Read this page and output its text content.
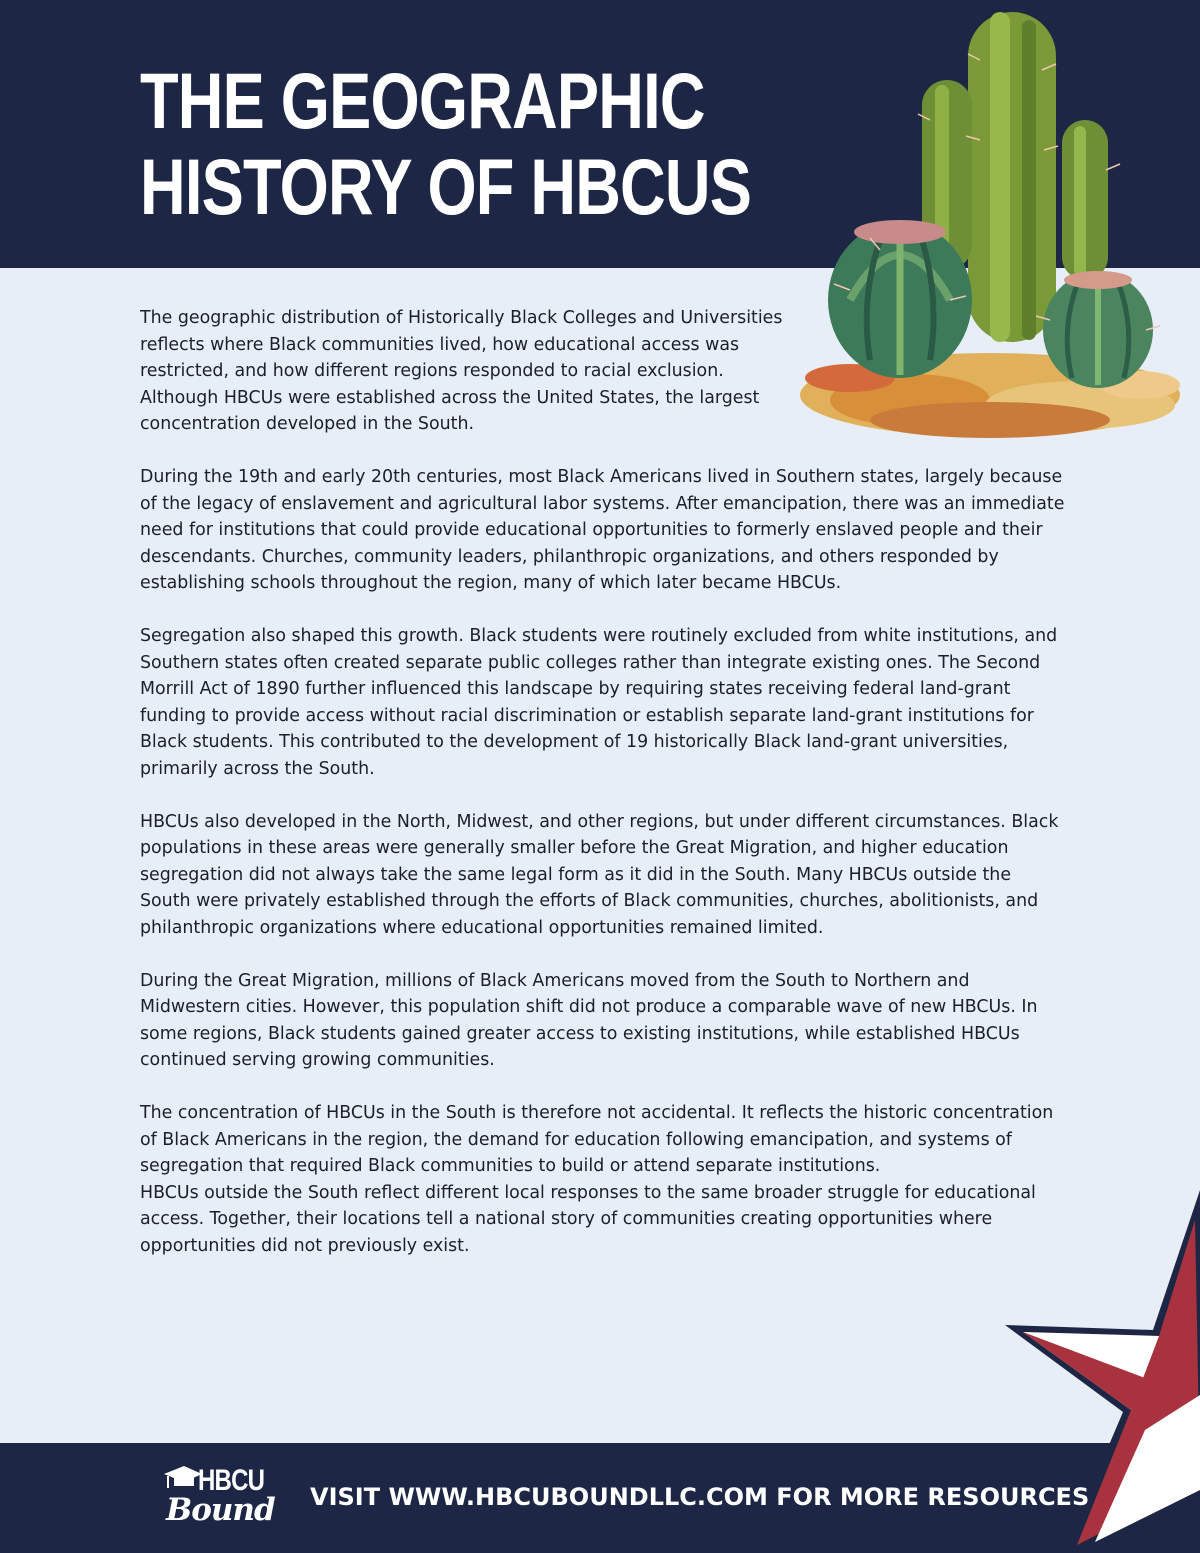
THE GEOGRAPHIC
HISTORY OF HBCUS

The geographic distribution of Historically Black Colleges and Universities reflects where Black communities lived, how educational access was restricted, and how different regions responded to racial exclusion. Although HBCUs were established across the United States, the largest concentration developed in the South.

During the 19th and early 20th centuries, most Black Americans lived in Southern states, largely because of the legacy of enslavement and agricultural labor systems. After emancipation, there was an immediate need for institutions that could provide educational opportunities to formerly enslaved people and their descendants. Churches, community leaders, philanthropic organizations, and others responded by establishing schools throughout the region, many of which later became HBCUs.

Segregation also shaped this growth. Black students were routinely excluded from white institutions, and Southern states often created separate public colleges rather than integrate existing ones. The Second Morrill Act of 1890 further influenced this landscape by requiring states receiving federal land-grant funding to provide access without racial discrimination or establish separate land-grant institutions for Black students. This contributed to the development of 19 historically Black land-grant universities, primarily across the South.

HBCUs also developed in the North, Midwest, and other regions, but under different circumstances. Black populations in these areas were generally smaller before the Great Migration, and higher education segregation did not always take the same legal form as it did in the South. Many HBCUs outside the South were privately established through the efforts of Black communities, churches, abolitionists, and philanthropic organizations where educational opportunities remained limited.

During the Great Migration, millions of Black Americans moved from the South to Northern and Midwestern cities. However, this population shift did not produce a comparable wave of new HBCUs. In some regions, Black students gained greater access to existing institutions, while established HBCUs continued serving growing communities.

The concentration of HBCUs in the South is therefore not accidental. It reflects the historic concentration of Black Americans in the region, the demand for education following emancipation, and systems of segregation that required Black communities to build or attend separate institutions.

HBCUs outside the South reflect different local responses to the same broader struggle for educational access. Together, their locations tell a national story of communities creating opportunities where opportunities did not previously exist.

HBCU
Bound VISIT WWW.HBCUBOUNDLLC.COM FOR MORE RESOURCES
